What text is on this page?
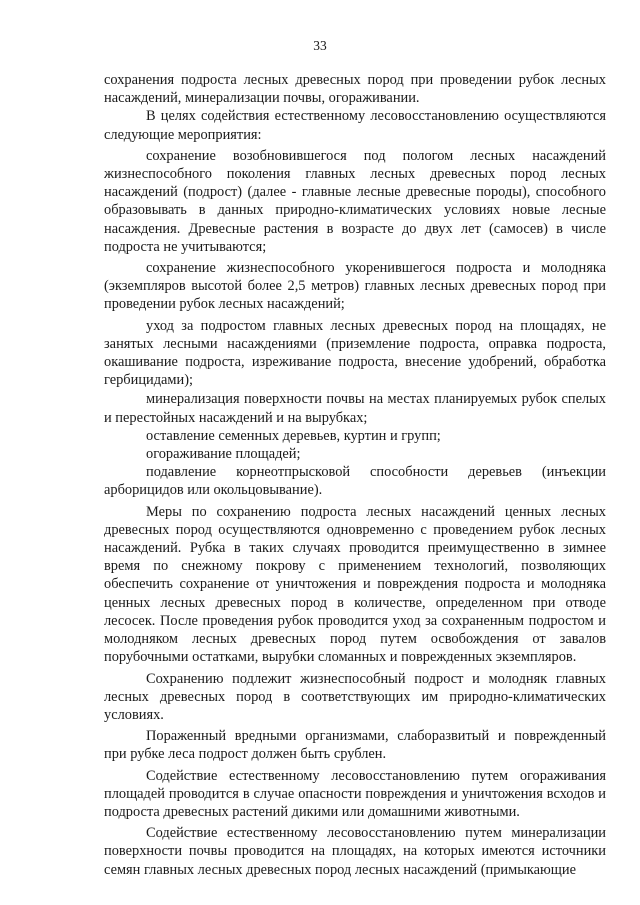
33

сохранения подроста лесных древесных пород при проведении рубок лесных насаждений, минерализации почвы, огораживании.

В целях содействия естественному лесовосстановлению осуществляются следующие мероприятия:

сохранение возобновившегося под пологом лесных насаждений жизнеспособного поколения главных лесных древесных пород лесных насаждений (подрост) (далее - главные лесные древесные породы), способного образовывать в данных природно-климатических условиях новые лесные насаждения. Древесные растения в возрасте до двух лет (самосев) в числе подроста не учитываются;

сохранение жизнеспособного укоренившегося подроста и молодняка (экземпляров высотой более 2,5 метров) главных лесных древесных пород при проведении рубок лесных насаждений;

уход за подростом главных лесных древесных пород на площадях, не занятых лесными насаждениями (приземление подроста, оправка подроста, окашивание подроста, изреживание подроста, внесение удобрений, обработка гербицидами);

минерализация поверхности почвы на местах планируемых рубок спелых и перестойных насаждений и на вырубках;

оставление семенных деревьев, куртин и групп;

огораживание площадей;

подавление корнеотпрысковой способности деревьев (инъекции арборицидов или окольцовывание).

Меры по сохранению подроста лесных насаждений ценных лесных древесных пород осуществляются одновременно с проведением рубок лесных насаждений. Рубка в таких случаях проводится преимущественно в зимнее время по снежному покрову с применением технологий, позволяющих обеспечить сохранение от уничтожения и повреждения подроста и молодняка ценных лесных древесных пород в количестве, определенном при отводе лесосек. После проведения рубок проводится уход за сохраненным подростом и молодняком лесных древесных пород путем освобождения от завалов порубочными остатками, вырубки сломанных и поврежденных экземпляров.

Сохранению подлежит жизнеспособный подрост и молодняк главных лесных древесных пород в соответствующих им природно-климатических условиях.

Пораженный вредными организмами, слаборазвитый и поврежденный при рубке леса подрост должен быть срублен.

Содействие естественному лесовосстановлению путем огораживания площадей проводится в случае опасности повреждения и уничтожения всходов и подроста древесных растений дикими или домашними животными.

Содействие естественному лесовосстановлению путем минерализации поверхности почвы проводится на площадях, на которых имеются источники семян главных лесных древесных пород лесных насаждений (примыкающие
